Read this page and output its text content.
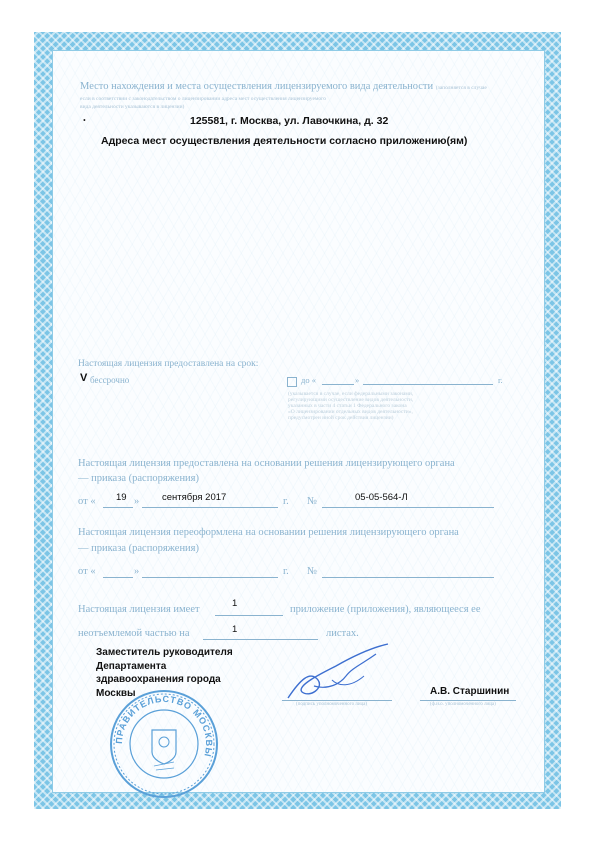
Место нахождения и места осуществления лицензируемого вида деятельности (заполняется в случае
если в соответствии с законодательством о лицензировании адреса мест осуществления лицензируемого
вида деятельности указываются в лицензии)
•	125581, г. Москва, ул. Лавочкина, д. 32
Адреса мест осуществления деятельности согласно приложению(ям)
Настоящая лицензия предоставлена на срок:
V бессрочно	до «	»	г.
(указывается в случае, если федеральными законами,
регулирующими осуществление видов деятельности,
указанных в части 4 статьи 1 Федерального закона
«О лицензировании отдельных видов деятельности»,
предусмотрен иной срок действия лицензии)
Настоящая лицензия предоставлена на основании решения лицензирующего органа
— приказа (распоряжения)
от « 19 » сентября 2017	г. №	05-05-564-Л
Настоящая лицензия переоформлена на основании решения лицензирующего органа
— приказа (распоряжения)
от «	»	г. №
Настоящая лицензия имеет
1
приложение (приложения), являющееся ее
неотъемлемой частью на	1	листах.
Заместитель руководителя
Департамента
здравоохранения города
Москвы
(подпись уполномоченного лица)
А.В. Старшинин
(ф.и.о. уполномоченного лица)
ПРАВИТЕЛЬСТВО МОСКВЫ
